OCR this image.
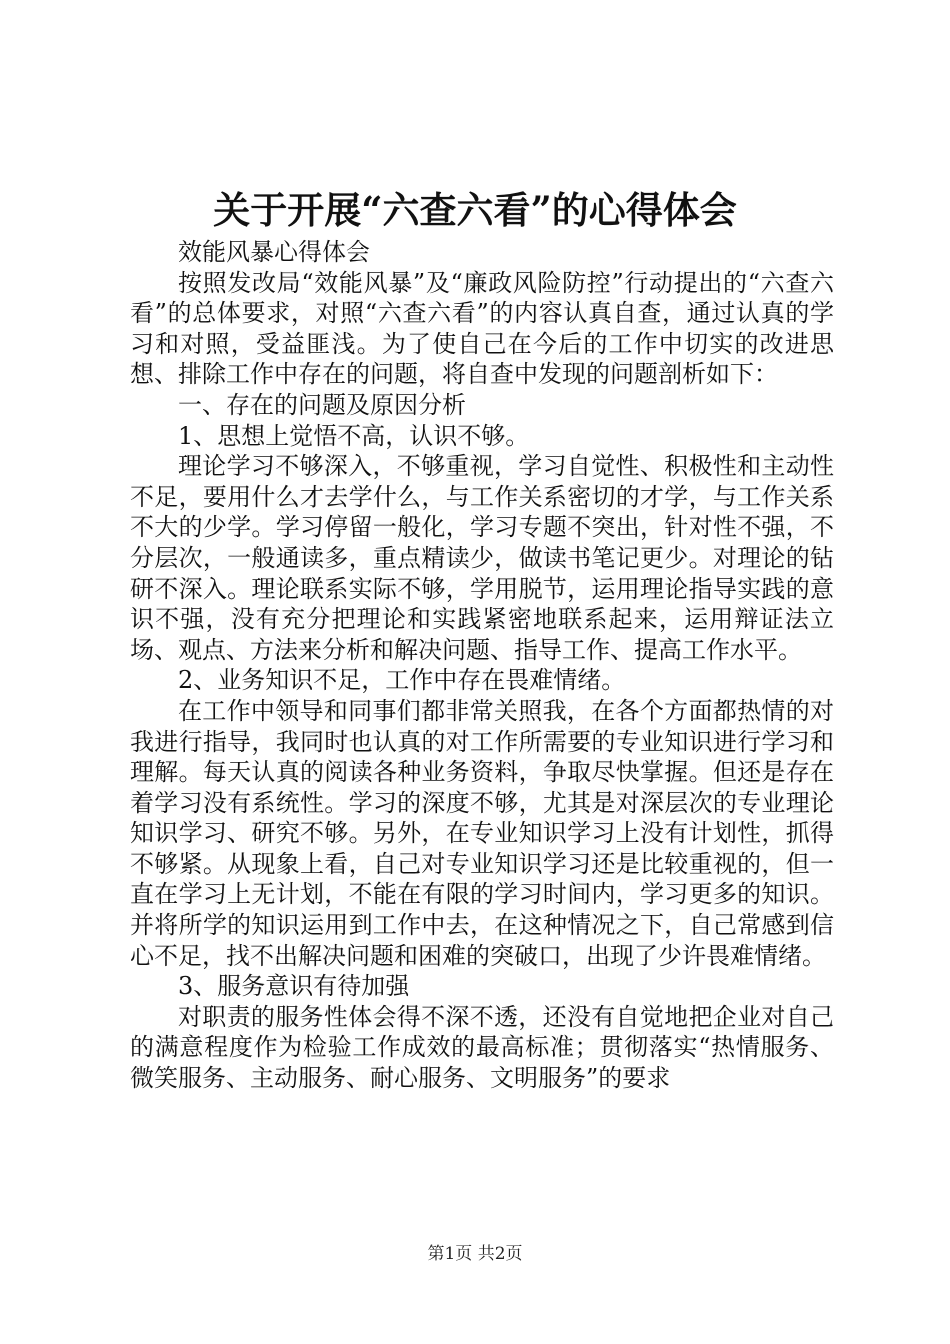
关于开展“六查六看”的心得体会

效能风暴心得体会

按照发改局“效能风暴”及“廉政风险防控”行动提出的“六查六看”的总体要求，对照“六查六看”的内容认真自查，通过认真的学习和对照，受益匪浅。为了使自己在今后的工作中切实的改进思想、排除工作中存在的问题，将自查中发现的问题剖析如下：

一、存在的问题及原因分析

1、思想上觉悟不高，认识不够。

理论学习不够深入，不够重视，学习自觉性、积极性和主动性不足，要用什么才去学什么，与工作关系密切的才学，与工作关系不大的少学。学习停留一般化，学习专题不突出，针对性不强，不分层次，一般通读多，重点精读少，做读书笔记更少。对理论的钻研不深入。理论联系实际不够，学用脱节，运用理论指导实践的意识不强，没有充分把理论和实践紧密地联系起来，运用辩证法立场、观点、方法来分析和解决问题、指导工作、提高工作水平。

2、业务知识不足，工作中存在畏难情绪。

在工作中领导和同事们都非常关照我，在各个方面都热情的对我进行指导，我同时也认真的对工作所需要的专业知识进行学习和理解。每天认真的阅读各种业务资料，争取尽快掌握。但还是存在着学习没有系统性。学习的深度不够，尤其是对深层次的专业理论知识学习、研究不够。另外，在专业知识学习上没有计划性，抓得不够紧。从现象上看，自己对专业知识学习还是比较重视的，但一直在学习上无计划，不能在有限的学习时间内，学习更多的知识。并将所学的知识运用到工作中去，在这种情况之下，自己常感到信心不足，找不出解决问题和困难的突破口，出现了少许畏难情绪。

3、服务意识有待加强

对职责的服务性体会得不深不透，还没有自觉地把企业对自己的满意程度作为检验工作成效的最高标准；贯彻落实“热情服务、微笑服务、主动服务、耐心服务、文明服务”的要求

第1页 共2页
